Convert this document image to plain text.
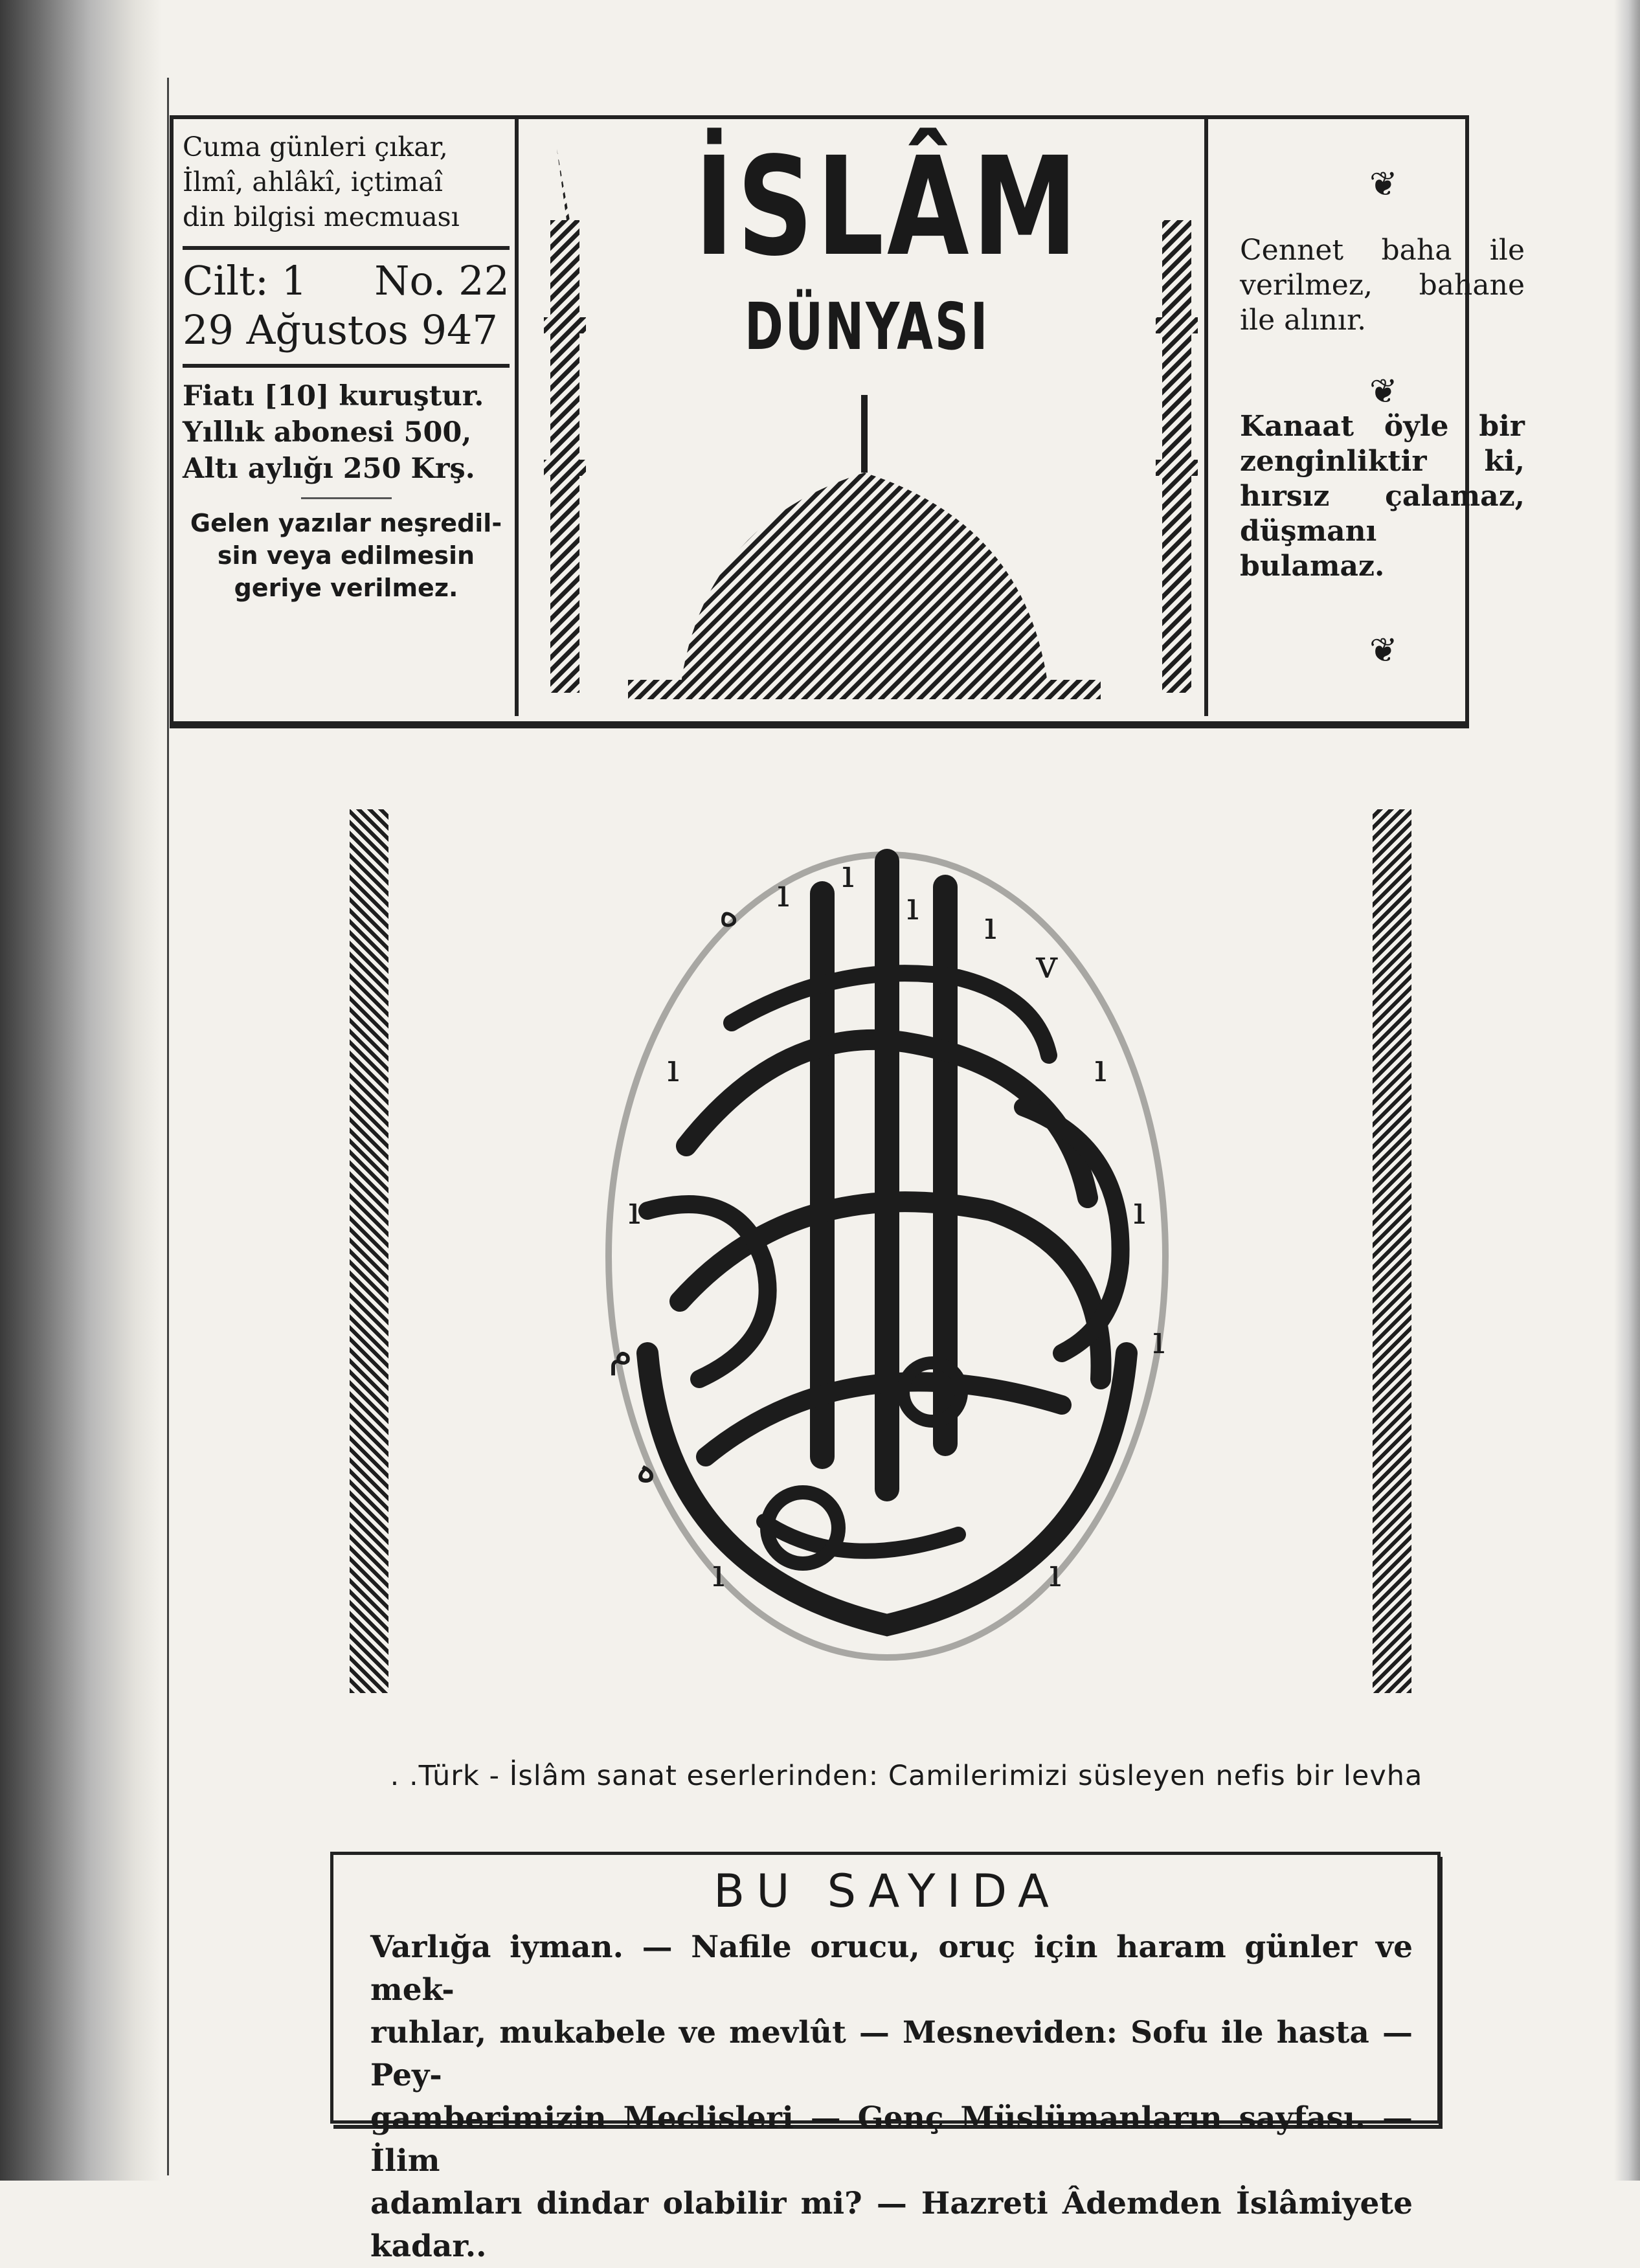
Cuma günleri çıkar,
İlmî, ahlâkî, içtimaî
din bilgisi mecmuası
Cilt: 1 No. 22
29 Ağustos 947
Fiatı [10] kuruştur.
Yıllık abonesi 500,
Altı aylığı 250 Krş.
Gelen yazılar neşredil-
sin veya edilmesin
geriye verilmez.
İSLÂM
DÜNYASI
❦
❦
❦
Cennet baha ile verilmez, bahane ile alınır.
Kanaat öyle bir zenginliktir ki, hırsız çalamaz, düşmanı bulamaz.
ه ı ı
ı ı
v
ı	ı
ı	ı
م	ı
ı	ı
ہ
. .Türk - İslâm sanat eserlerinden: Camilerimizi süsleyen nefis bir levha
BU SAYIDA
Varlığa iyman. — Nafile orucu, oruç için haram günler ve mek-
ruhlar, mukabele ve mevlût — Mesneviden: Sofu ile hasta — Pey-
gamberimizin Meclisleri — Genç Müslümanların sayfası. — İlim
adamları dindar olabilir mi? — Hazreti Âdemden İslâmiyete kadar..
